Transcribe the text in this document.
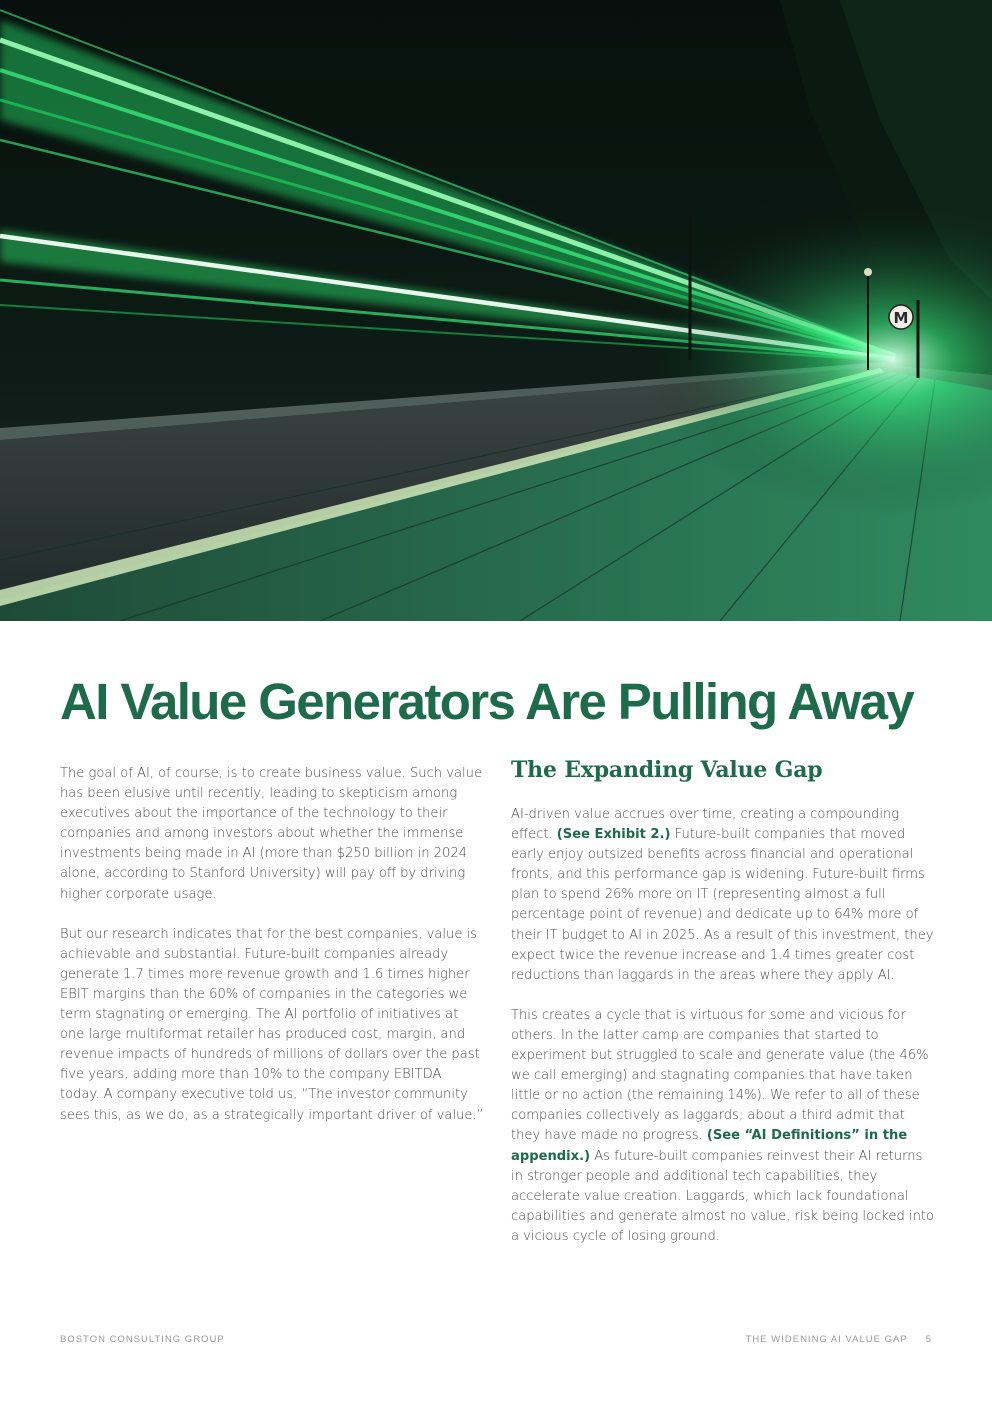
M
AI Value Generators Are Pulling Away

The goal of AI, of course, is to create business value. Such value has been elusive until recently, leading to skepticism among executives about the importance of the technology to their companies and among investors about whether the immense investments being made in AI (more than $250 billion in 2024 alone, according to Stanford University) will pay off by driving higher corporate usage.

But our research indicates that for the best companies, value is achievable and substantial. Future-built companies already generate 1.7 times more revenue growth and 1.6 times higher EBIT margins than the 60% of companies in the categories we term stagnating or emerging. The AI portfolio of initiatives at one large multiformat retailer has produced cost, margin, and revenue impacts of hundreds of millions of dollars over the past five years, adding more than 10% to the company EBITDA today. A company executive told us, “The investor community sees this, as we do, as a strategically important driver of value.”

The Expanding Value Gap

AI-driven value accrues over time, creating a compounding effect. (See Exhibit 2.) Future-built companies that moved early enjoy outsized benefits across financial and operational fronts, and this performance gap is widening. Future-built firms plan to spend 26% more on IT (representing almost a full percentage point of revenue) and dedicate up to 64% more of their IT budget to AI in 2025. As a result of this investment, they expect twice the revenue increase and 1.4 times greater cost reductions than laggards in the areas where they apply AI.

This creates a cycle that is virtuous for some and vicious for others. In the latter camp are companies that started to experiment but struggled to scale and generate value (the 46% we call emerging) and stagnating companies that have taken little or no action (the remaining 14%). We refer to all of these companies collectively as laggards; about a third admit that they have made no progress. (See “AI Definitions” in the appendix.) As future-built companies reinvest their AI returns in stronger people and additional tech capabilities, they accelerate value creation. Laggards, which lack foundational capabilities and generate almost no value, risk being locked into a vicious cycle of losing ground.

BOSTON CONSULTING GROUP	THE WIDENING AI VALUE GAP 5
